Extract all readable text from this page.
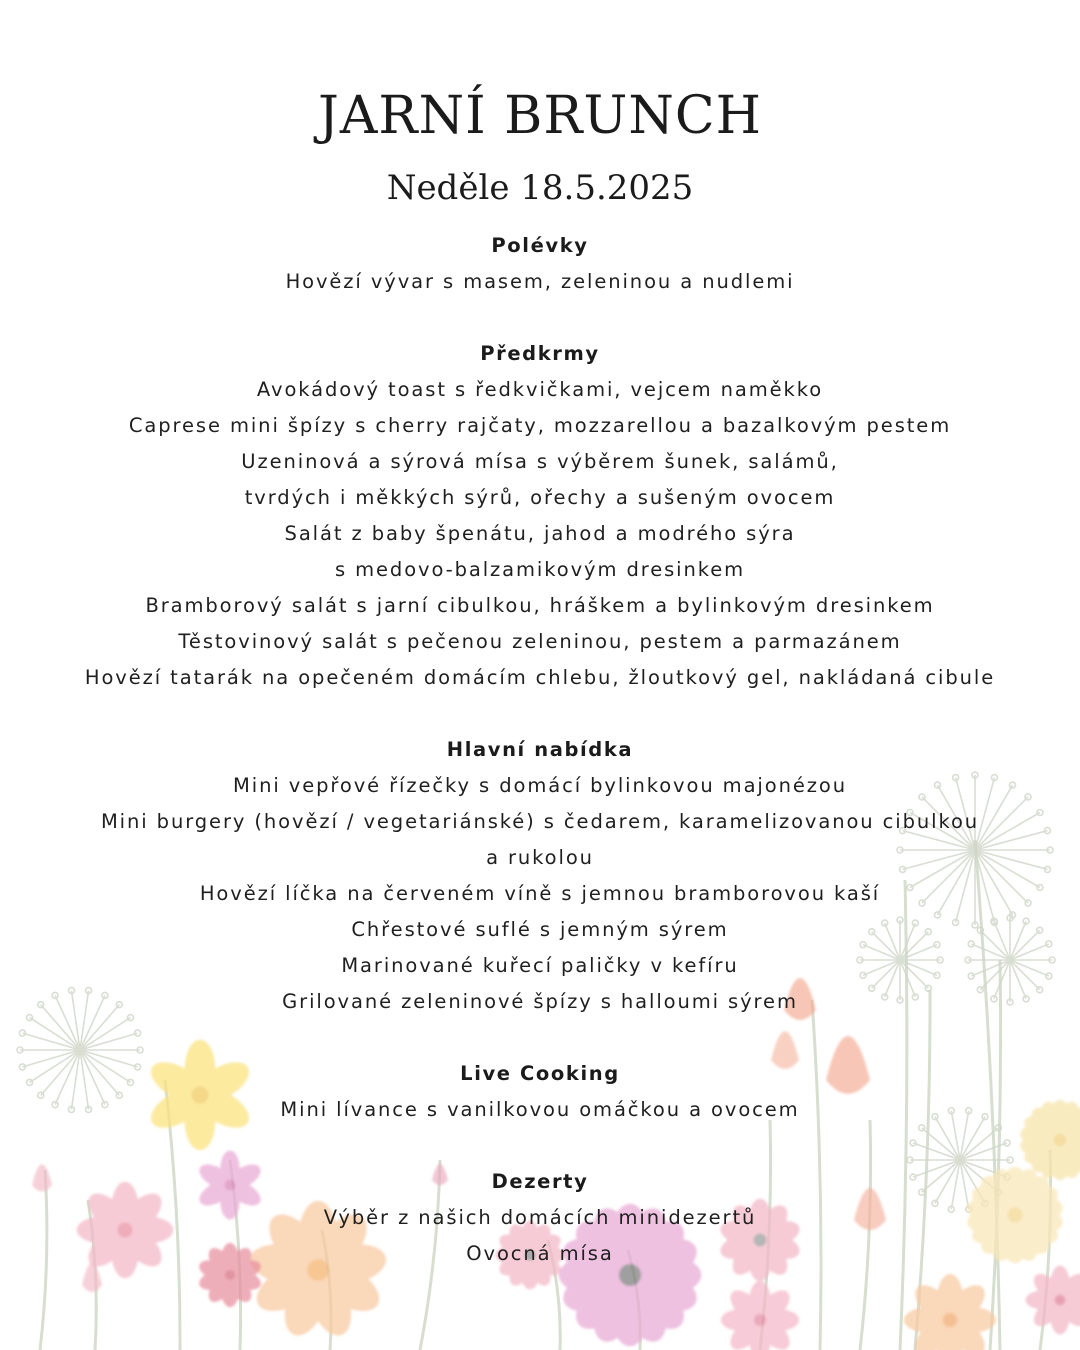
JARNÍ BRUNCH
Neděle 18.5.2025
Polévky
Hovězí vývar s masem, zeleninou a nudlemi
Předkrmy
Avokádový toast s ředkvičkami, vejcem naměkko
Caprese mini špízy s cherry rajčaty, mozzarellou a bazalkovým pestem
Uzeninová a sýrová mísa s výběrem šunek, salámů,
tvrdých i měkkých sýrů, ořechy a sušeným ovocem
Salát z baby špenátu, jahod a modrého sýra
s medovo-balzamikovým dresinkem
Bramborový salát s jarní cibulkou, hráškem a bylinkovým dresinkem
Těstovinový salát s pečenou zeleninou, pestem a parmazánem
Hovězí tatarák na opečeném domácím chlebu, žloutkový gel, nakládaná cibule
Hlavní nabídka
Mini vepřové řízečky s domácí bylinkovou majonézou
Mini burgery (hovězí / vegetariánské) s čedarem, karamelizovanou cibulkou
a rukolou
Hovězí líčka na červeném víně s jemnou bramborovou kaší
Chřestové suflé s jemným sýrem
Marinované kuřecí paličky v kefíru
Grilované zeleninové špízy s halloumi sýrem
Live Cooking
Mini lívance s vanilkovou omáčkou a ovocem
Dezerty
Výběr z našich domácích minidezertů
Ovocná mísa
